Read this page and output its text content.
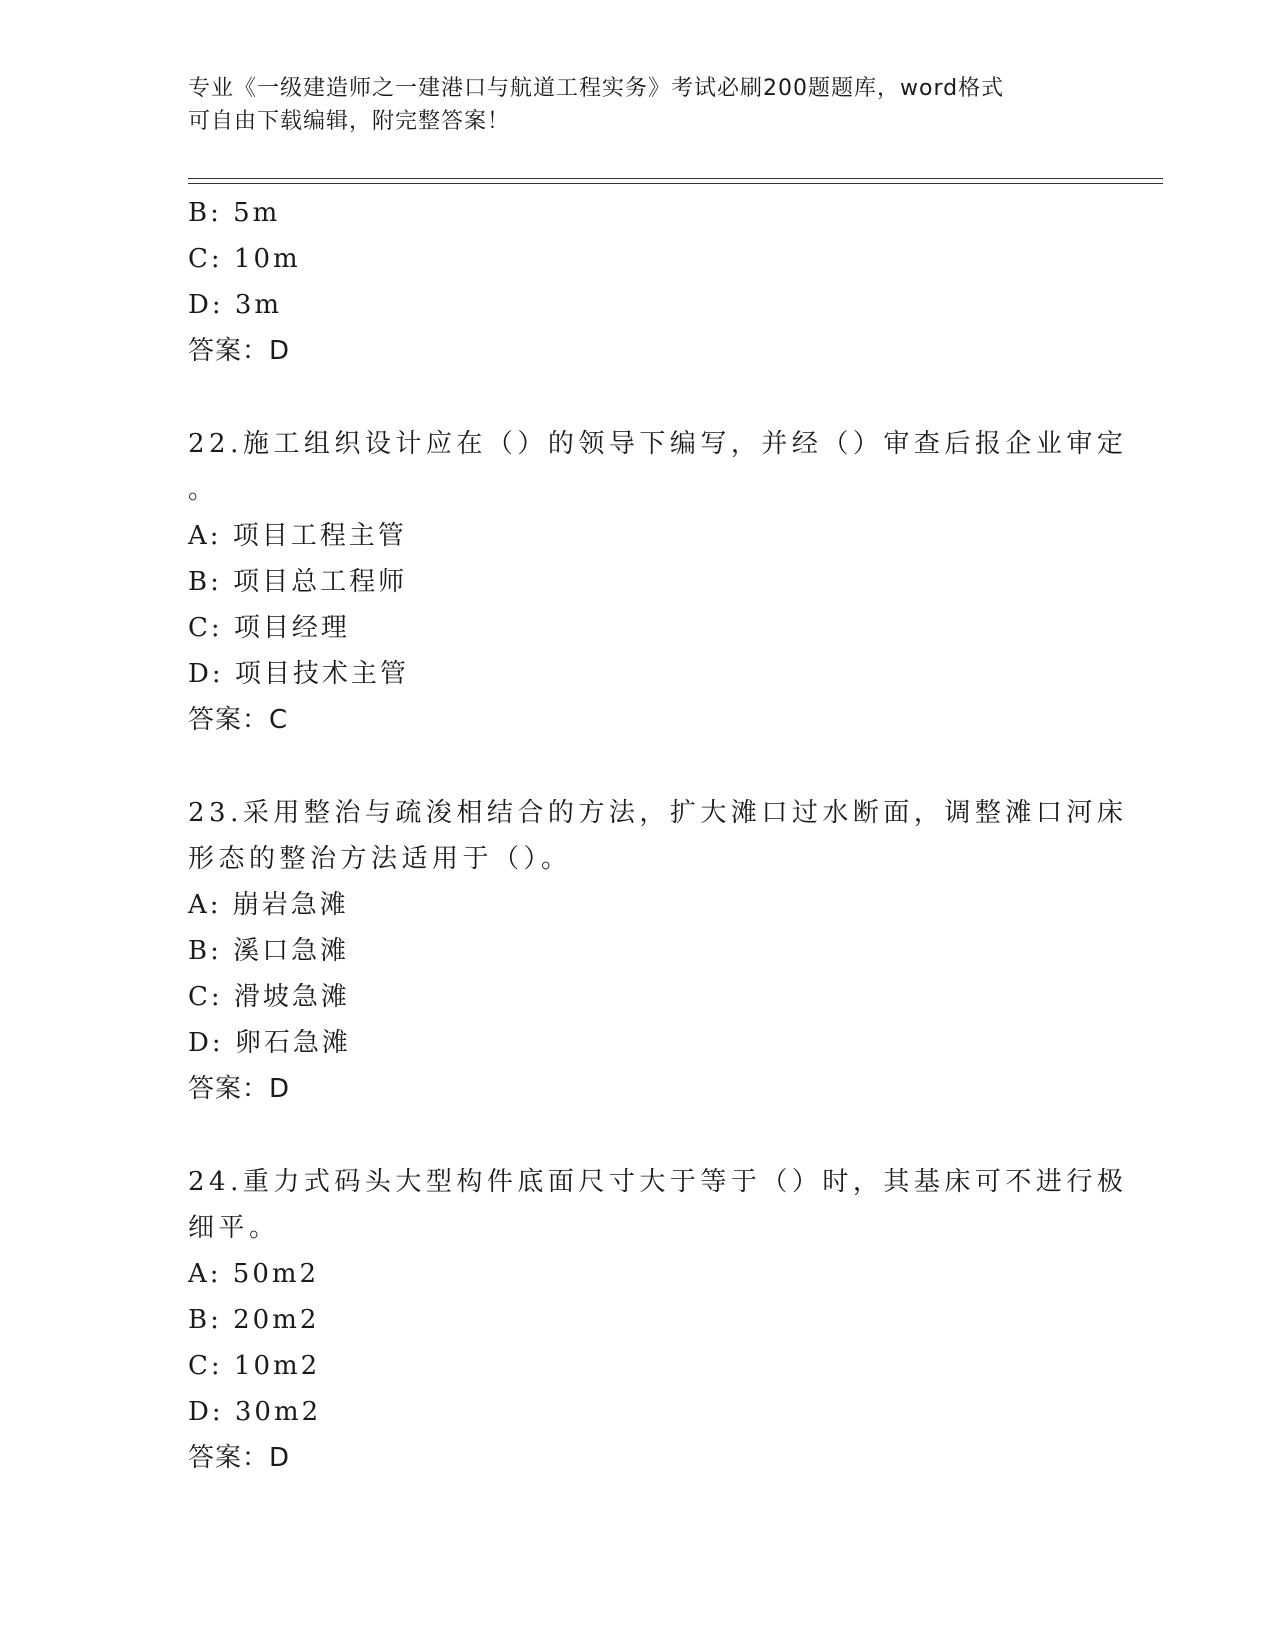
专业《一级建造师之一建港口与航道工程实务》考试必刷200题题库，word格式
可自由下载编辑，附完整答案！
B: 5m
C: 10m
D: 3m
答案：D
22.施工组织设计应在（）的领导下编写，并经（）审查后报企业审定
。
A: 项目工程主管
B: 项目总工程师
C: 项目经理
D: 项目技术主管
答案：C
23.采用整治与疏浚相结合的方法，扩大滩口过水断面，调整滩口河床
形态的整治方法适用于（）。
A: 崩岩急滩
B: 溪口急滩
C: 滑坡急滩
D: 卵石急滩
答案：D
24.重力式码头大型构件底面尺寸大于等于（）时，其基床可不进行极
细平。
A: 50m2
B: 20m2
C: 10m2
D: 30m2
答案：D
